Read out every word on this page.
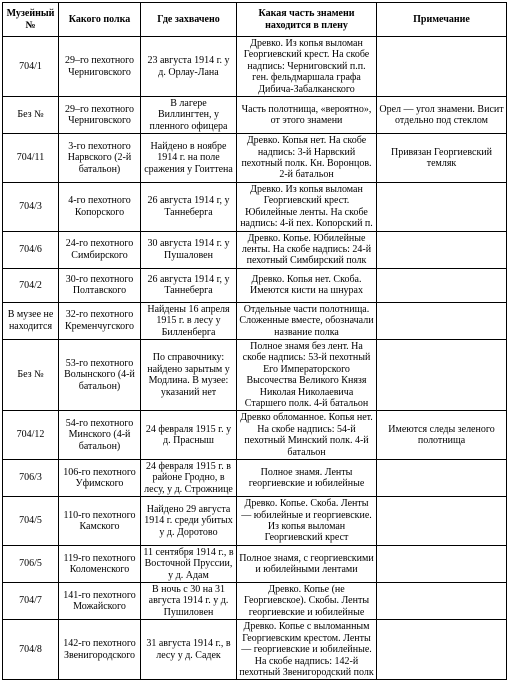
Музейный №	Какого полка	Где захвачено	Какая часть знамени находится в плену	Примечание
704/1	29–го пехотного Черниговского	23 августа 1914 г. у д. Орлау-Лана	Древко. Из копья выломан Георгиевский крест. На скобе надпись: Черниговский п.п. ген. фельдмаршала графа Дибича-Забалканского	
Без №	29–го пехотного Черниговского	В лагере Виллингтен, у пленного офицера	Часть полотнища, «вероятно», от этого знамени	Орел — угол знамени. Висит отдельно под стеклом
704/11	3-го пехотного Нарвского (2-й батальон)	Найдено в ноябре 1914 г. на поле сражения у Гоиттена	Древко. Копья нет. На скобе надпись: 3-й Нарвский пехотный полк. Кн. Воронцов. 2-й батальон	Привязан Георгиевский темляк
704/3	4-го пехотного Копорского	26 августа 1914 г, у Таннеберга	Древко. Из копья выломан Георгиевский крест. Юбилейные ленты. На скобе надпись: 4-й пех. Копорский п.	
704/6	24-го пехотного Симбирского	30 августа 1914 г. у Пушаловен	Древко. Копье. Юбилейные ленты. На скобе надпись: 24-й пехотный Симбирский полк	
704/2	30-го пехотного Полтавского	26 августа 1914 г, у Таннеберга	Древко. Копья нет. Скоба. Имеются кисти на шнурах	
В музее не находится	32-го пехотного Кременчугского	Найдены 16 апреля 1915 г. в лесу у Билленберга	Отдельные части полотнища. Сложенные вместе, обозначали название полка	
Без №	53-го пехотного Волынского (4-й батальон)	По справочнику: найдено зарытым у Модлина. В музее: указаний нет	Полное знамя без лент. На скобе надпись: 53-й пехотный Его Императорского Высочества Великого Князя Николая Николаевича Старшего полк. 4-й батальон	
704/12	54-го пехотного Минского (4-й батальон)	24 февраля 1915 г. у д. Прасныш	Древко обломанное. Копья нет. На скобе надпись: 54-й пехотный Минский полк. 4-й батальон	Имеются следы зеленого полотнища
706/3	106-го пехотного Уфимского	24 февраля 1915 г. в районе Гродно, в лесу, у д. Строжнице	Полное знамя. Ленты георгиевские и юбилейные	
704/5	110-го пехотного Камского	Найдено 29 августа 1914 г. среди убитых у д. Доротово	Древко. Копье. Скоба. Ленты — юбилейные и георгиевские. Из копья выломан Георгиевский крест	
706/5	119-го пехотного Коломенского	11 сентября 1914 г., в Восточной Пруссии, у д. Адам	Полное знамя, с георгиевскими и юбилейными лентами	
704/7	141-го пехотного Можайского	В ночь с 30 на 31 августа 1914 г. у д. Пушиловен	Древко. Копье (не Георгиевское). Скобы. Ленты георгиевские и юбилейные	
704/8	142-го пехотного Звенигородского	31 августа 1914 г., в лесу у д. Садек	Древко. Копье с выломанным Георгиевским крестом. Ленты — георгиевские и юбилейные. На скобе надпись: 142-й пехотный Звенигородский полк	
